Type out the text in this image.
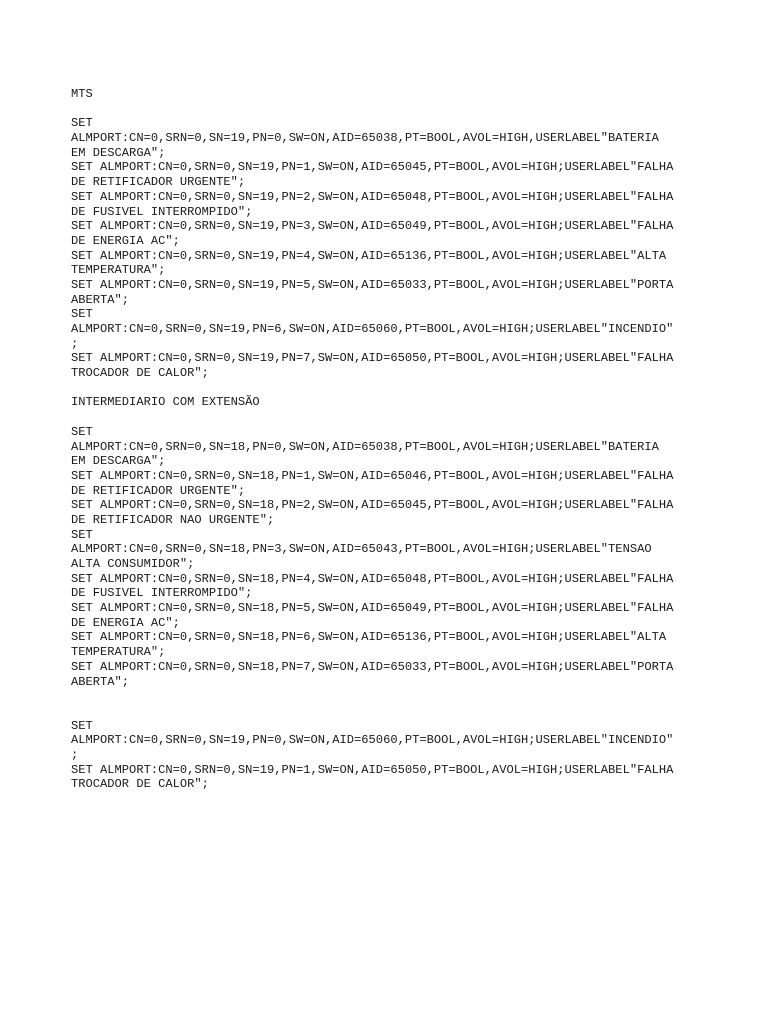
MTS
SET
ALMPORT:CN=0,SRN=0,SN=19,PN=0,SW=ON,AID=65038,PT=BOOL,AVOL=HIGH,USERLABEL"BATERIA
EM DESCARGA";
SET ALMPORT:CN=0,SRN=0,SN=19,PN=1,SW=ON,AID=65045,PT=BOOL,AVOL=HIGH;USERLABEL"FALHA
DE RETIFICADOR URGENTE";
SET ALMPORT:CN=0,SRN=0,SN=19,PN=2,SW=ON,AID=65048,PT=BOOL,AVOL=HIGH;USERLABEL"FALHA
DE FUSIVEL INTERROMPIDO";
SET ALMPORT:CN=0,SRN=0,SN=19,PN=3,SW=ON,AID=65049,PT=BOOL,AVOL=HIGH;USERLABEL"FALHA
DE ENERGIA AC";
SET ALMPORT:CN=0,SRN=0,SN=19,PN=4,SW=ON,AID=65136,PT=BOOL,AVOL=HIGH;USERLABEL"ALTA
TEMPERATURA";
SET ALMPORT:CN=0,SRN=0,SN=19,PN=5,SW=ON,AID=65033,PT=BOOL,AVOL=HIGH;USERLABEL"PORTA
ABERTA";
SET
ALMPORT:CN=0,SRN=0,SN=19,PN=6,SW=ON,AID=65060,PT=BOOL,AVOL=HIGH;USERLABEL"INCENDIO"
;
SET ALMPORT:CN=0,SRN=0,SN=19,PN=7,SW=ON,AID=65050,PT=BOOL,AVOL=HIGH;USERLABEL"FALHA
TROCADOR DE CALOR";
INTERMEDIARIO COM EXTENSÃO
SET
ALMPORT:CN=0,SRN=0,SN=18,PN=0,SW=ON,AID=65038,PT=BOOL,AVOL=HIGH;USERLABEL"BATERIA
EM DESCARGA";
SET ALMPORT:CN=0,SRN=0,SN=18,PN=1,SW=ON,AID=65046,PT=BOOL,AVOL=HIGH;USERLABEL"FALHA
DE RETIFICADOR URGENTE";
SET ALMPORT:CN=0,SRN=0,SN=18,PN=2,SW=ON,AID=65045,PT=BOOL,AVOL=HIGH;USERLABEL"FALHA
DE RETIFICADOR NAO URGENTE";
SET
ALMPORT:CN=0,SRN=0,SN=18,PN=3,SW=ON,AID=65043,PT=BOOL,AVOL=HIGH;USERLABEL"TENSAO
ALTA CONSUMIDOR";
SET ALMPORT:CN=0,SRN=0,SN=18,PN=4,SW=ON,AID=65048,PT=BOOL,AVOL=HIGH;USERLABEL"FALHA
DE FUSIVEL INTERROMPIDO";
SET ALMPORT:CN=0,SRN=0,SN=18,PN=5,SW=ON,AID=65049,PT=BOOL,AVOL=HIGH;USERLABEL"FALHA
DE ENERGIA AC";
SET ALMPORT:CN=0,SRN=0,SN=18,PN=6,SW=ON,AID=65136,PT=BOOL,AVOL=HIGH;USERLABEL"ALTA
TEMPERATURA";
SET ALMPORT:CN=0,SRN=0,SN=18,PN=7,SW=ON,AID=65033,PT=BOOL,AVOL=HIGH;USERLABEL"PORTA
ABERTA";
SET
ALMPORT:CN=0,SRN=0,SN=19,PN=0,SW=ON,AID=65060,PT=BOOL,AVOL=HIGH;USERLABEL"INCENDIO"
;
SET ALMPORT:CN=0,SRN=0,SN=19,PN=1,SW=ON,AID=65050,PT=BOOL,AVOL=HIGH;USERLABEL"FALHA
TROCADOR DE CALOR";
